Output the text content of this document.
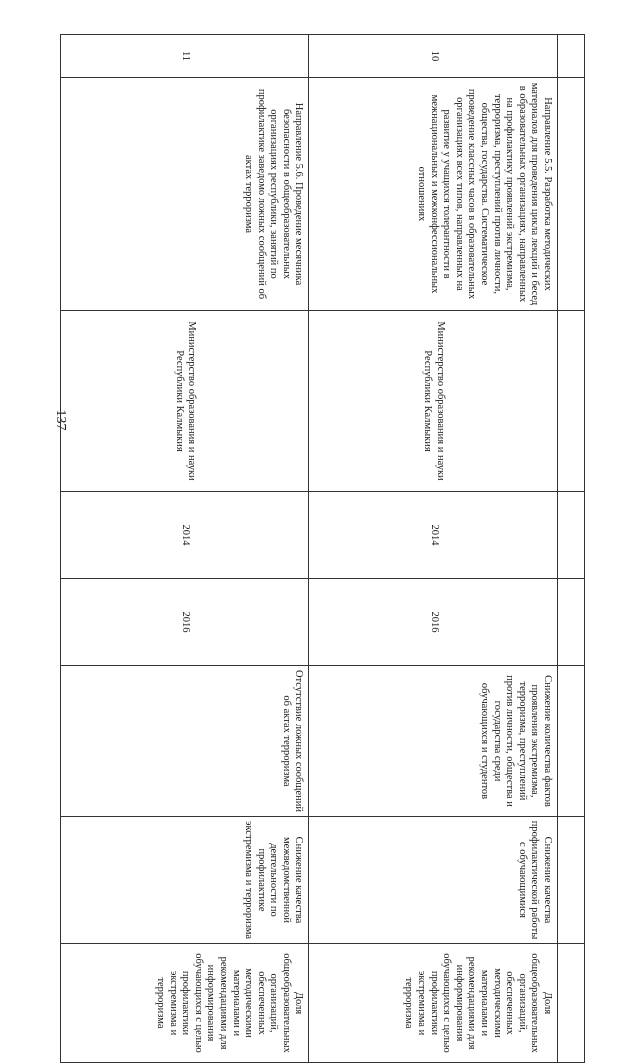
137

10	Направление 5.5. Разработка методических материалов для проведения цикла лекций и бесед в образовательных организациях, направленных на профилактику проявлений экстремизма, терроризма, преступлений против личности, общества, государства. Систематическое проведение классных часов в образовательных организациях всех типов, направленных на развитие у учащихся толерантности в межнациональных и межконфессиональных отношениях	Министерство образования и науки Республики Калмыкия	2014	2016	Снижение количества фактов проявления экстремизма, терроризма, преступлений против личности, общества и государства среди обучающихся и студентов	Снижение качества профилактической работы с обучающимися	Доля общеобразовательных организаций, обеспеченных методическими материалами и рекомендациями для информирования обучающихся с целью профилактики экстремизма и терроризма
11	Направление 5.6. Проведение месячника безопасности в общеобразовательных организациях республики, занятий по профилактике заведомо ложных сообщений об актах терроризма	Министерство образования и науки Республики Калмыкия	2014	2016	Отсутствие ложных сообщений об актах терроризма	Снижение качества межведомственной деятельности по профилактике экстремизма и терроризма	Доля общеобразовательных организаций, обеспеченных методическими материалами и рекомендациями для информирования обучающихся с целью профилактики экстремизма и терроризма
